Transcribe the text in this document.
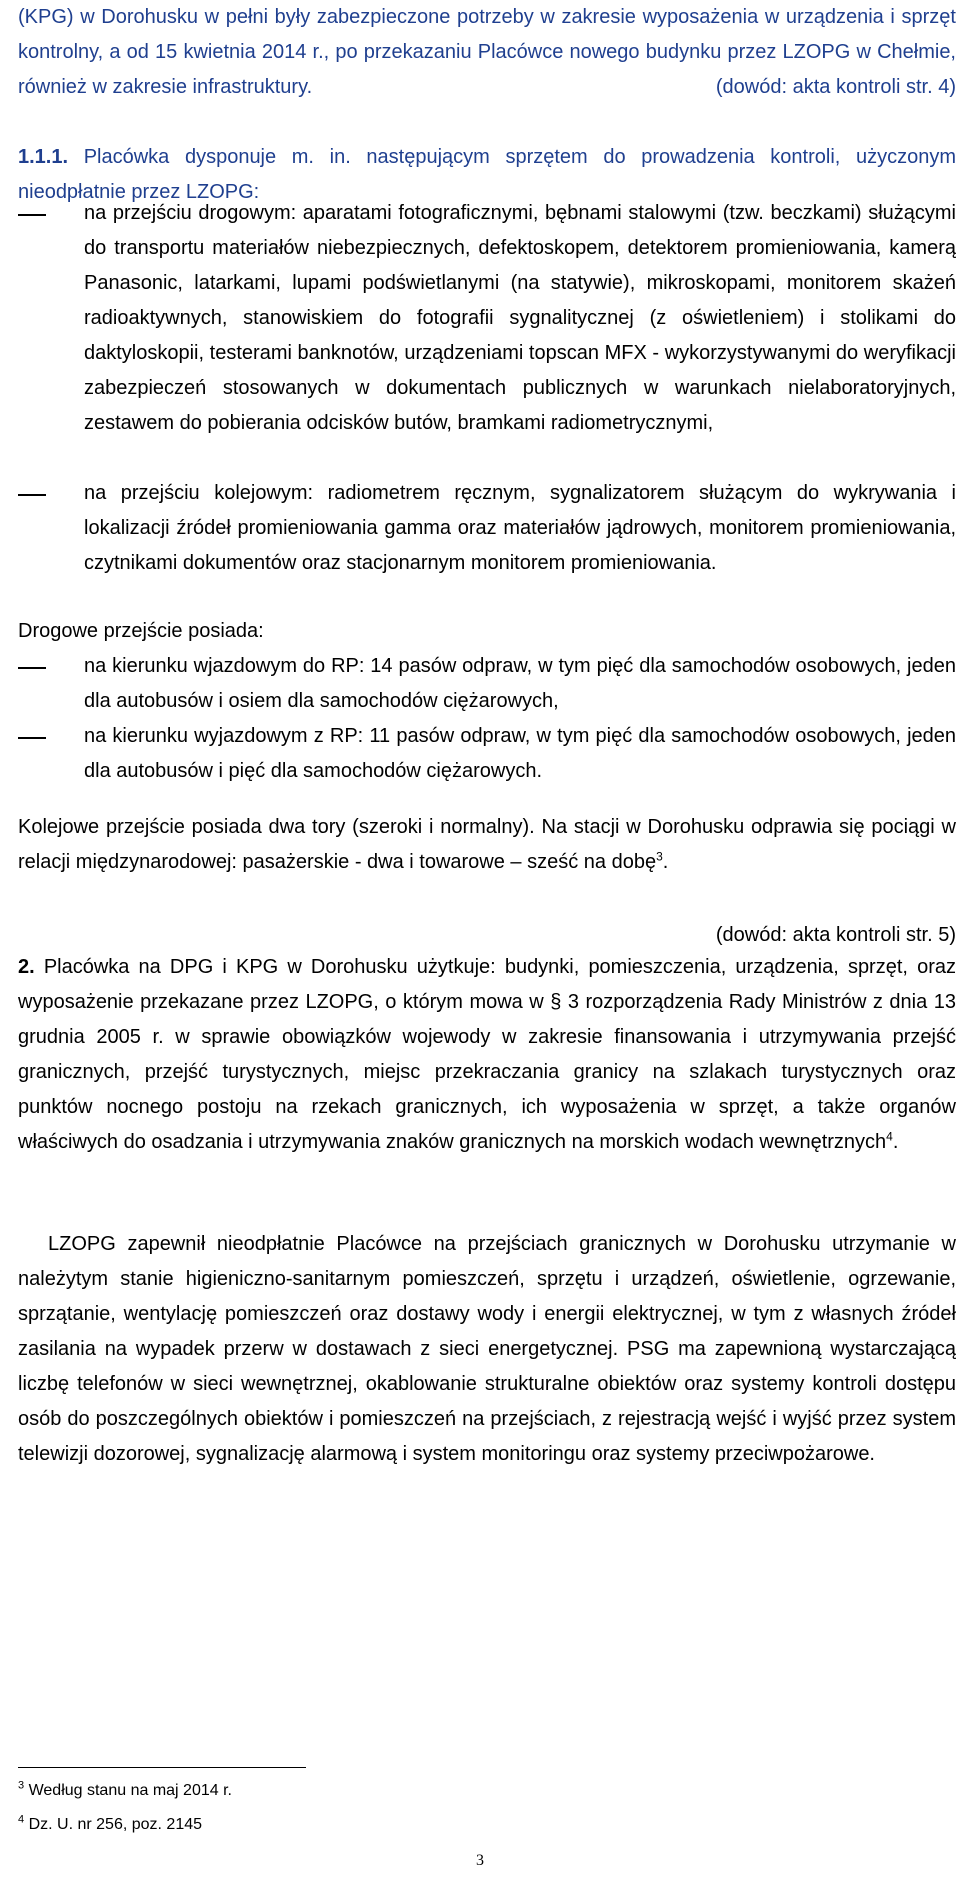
(KPG) w Dorohusku w pełni były zabezpieczone potrzeby w zakresie wyposażenia w urządzenia i sprzęt kontrolny, a od 15 kwietnia 2014 r., po przekazaniu Placówce nowego budynku przez LZOPG w Chełmie, również w zakresie infrastruktury.	(dowód: akta kontroli str. 4)
1.1.1. Placówka dysponuje m. in. następującym sprzętem do prowadzenia kontroli, użyczonym nieodpłatnie przez LZOPG:
na przejściu drogowym: aparatami fotograficznymi, bębnami stalowymi (tzw. beczkami) służącymi do transportu materiałów niebezpiecznych, defektoskopem, detektorem promieniowania, kamerą Panasonic, latarkami, lupami podświetlanymi (na statywie), mikroskopami, monitorem skażeń radioaktywnych, stanowiskiem do fotografii sygnalitycznej (z oświetleniem) i stolikami do daktyloskopii, testerami banknotów, urządzeniami topscan MFX - wykorzystywanymi do weryfikacji zabezpieczeń stosowanych w dokumentach publicznych w warunkach nielaboratoryjnych, zestawem do pobierania odcisków butów, bramkami radiometrycznymi,
na przejściu kolejowym: radiometrem ręcznym, sygnalizatorem służącym do wykrywania i lokalizacji źródeł promieniowania gamma oraz materiałów jądrowych, monitorem promieniowania, czytnikami dokumentów oraz stacjonarnym monitorem promieniowania.
Drogowe przejście posiada:
na kierunku wjazdowym do RP: 14 pasów odpraw, w tym pięć dla samochodów osobowych, jeden dla autobusów i osiem dla samochodów ciężarowych,
na kierunku wyjazdowym z RP: 11 pasów odpraw, w tym pięć dla samochodów osobowych, jeden dla autobusów i pięć dla samochodów ciężarowych.
Kolejowe przejście posiada dwa tory (szeroki i normalny). Na stacji w Dorohusku odprawia się pociągi w relacji międzynarodowej: pasażerskie - dwa i towarowe – sześć na dobę$^3$.
(dowód: akta kontroli str. 5)
2. Placówka na DPG i KPG w Dorohusku użytkuje: budynki, pomieszczenia, urządzenia, sprzęt, oraz wyposażenie przekazane przez LZOPG, o którym mowa w § 3 rozporządzenia Rady Ministrów z dnia 13 grudnia 2005 r. w sprawie obowiązków wojewody w zakresie finansowania i utrzymywania przejść granicznych, przejść turystycznych, miejsc przekraczania granicy na szlakach turystycznych oraz punktów nocnego postoju na rzekach granicznych, ich wyposażenia w sprzęt, a także organów właściwych do osadzania i utrzymywania znaków granicznych na morskich wodach wewnętrznych$^4$.
LZOPG zapewnił nieodpłatnie Placówce na przejściach granicznych w Dorohusku utrzymanie w należytym stanie higieniczno-sanitarnym pomieszczeń, sprzętu i urządzeń, oświetlenie, ogrzewanie, sprzątanie, wentylację pomieszczeń oraz dostawy wody i energii elektrycznej, w tym z własnych źródeł zasilania na wypadek przerw w dostawach z sieci energetycznej. PSG ma zapewnioną wystarczającą liczbę telefonów w sieci wewnętrznej, okablowanie strukturalne obiektów oraz systemy kontroli dostępu osób do poszczególnych obiektów i pomieszczeń na przejściach, z rejestracją wejść i wyjść przez system telewizji dozorowej, sygnalizację alarmową i system monitoringu oraz systemy przeciwpożarowe.
$^3$ Według stanu na maj 2014 r.
$^4$ Dz. U. nr 256, poz. 2145
3
